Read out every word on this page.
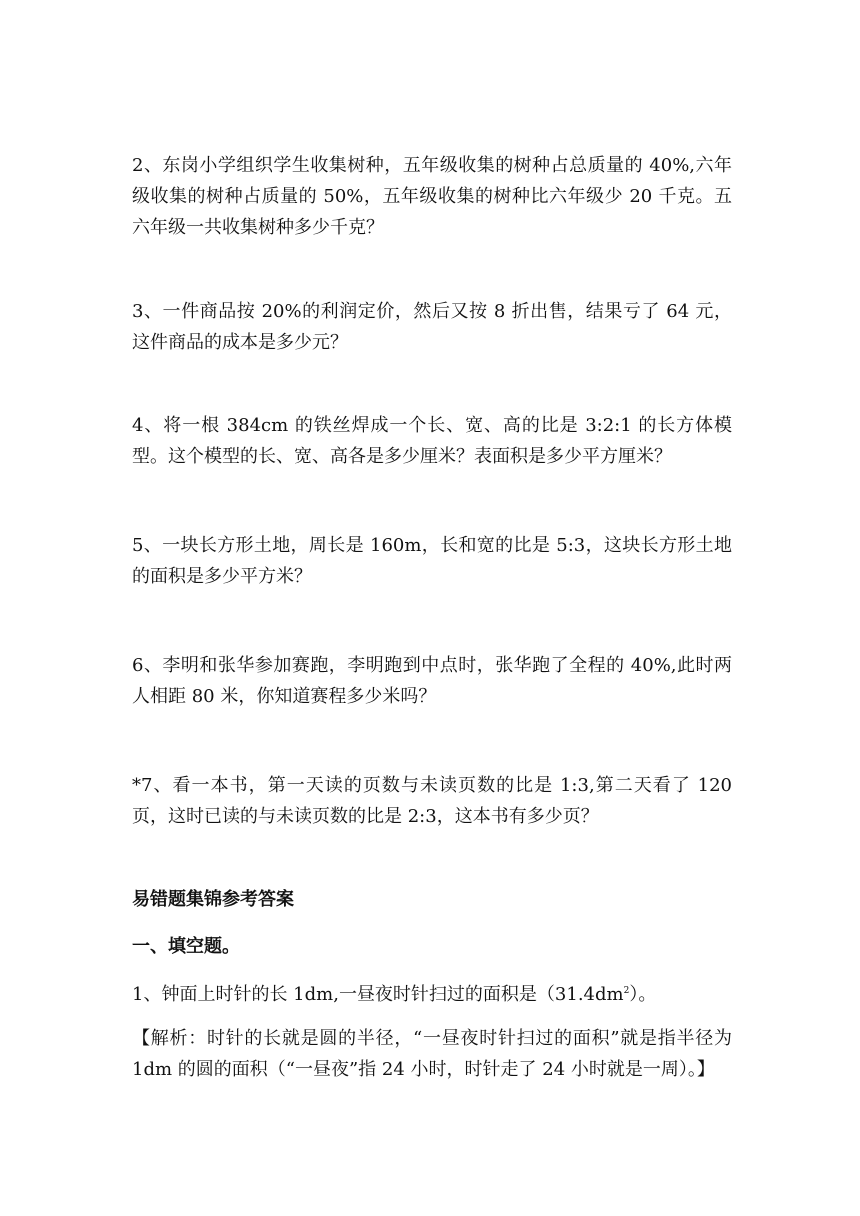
2、东岗小学组织学生收集树种，五年级收集的树种占总质量的 40%,六年级收集的树种占质量的 50%，五年级收集的树种比六年级少 20 千克。五六年级一共收集树种多少千克？

3、一件商品按 20%的利润定价，然后又按 8 折出售，结果亏了 64 元，这件商品的成本是多少元？

4、将一根 384cm 的铁丝焊成一个长、宽、高的比是 3:2:1 的长方体模型。这个模型的长、宽、高各是多少厘米？表面积是多少平方厘米？

5、一块长方形土地，周长是 160m，长和宽的比是 5:3，这块长方形土地的面积是多少平方米？

6、李明和张华参加赛跑，李明跑到中点时，张华跑了全程的 40%,此时两人相距 80 米，你知道赛程多少米吗？

*7、看一本书，第一天读的页数与未读页数的比是 1:3,第二天看了 120 页，这时已读的与未读页数的比是 2:3，这本书有多少页？

易错题集锦参考答案

一、填空题。

1、钟面上时针的长 1dm,一昼夜时针扫过的面积是$(31.4dm^2)$。

【解析：时针的长就是圆的半径，“一昼夜时针扫过的面积”就是指半径为 1dm 的圆的面积（“一昼夜”指 24 小时，时针走了 24 小时就是一周）。】
